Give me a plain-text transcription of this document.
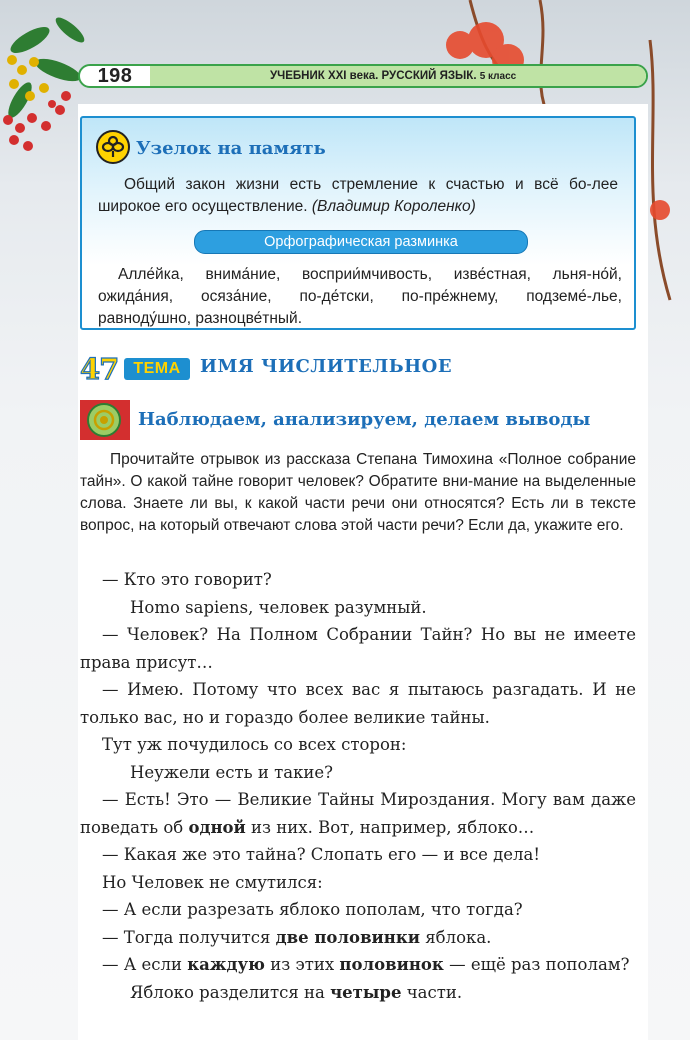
198	УЧЕБНИК XXI века. РУССКИЙ ЯЗЫК. 5 класс
Узелок на память
Общий закон жизни есть стремление к счастью и всё бо-лее широкое его осуществление. (Владимир Короленко)
Орфографическая разминка
Алле́йка, внима́ние, восприи́мчивость, изве́стная, льня-но́й, ожида́ния, осяза́ние, по-де́тски, по-пре́жнему, подземе́-лье, равноду́шно, разноцве́тный.
47 ТЕМА	ИМЯ ЧИСЛИТЕЛЬНОЕ
Наблюдаем, анализируем, делаем выводы
Прочитайте отрывок из рассказа Степана Тимохина «Полное собрание тайн». О какой тайне говорит человек? Обратите вни-мание на выделенные слова. Знаете ли вы, к какой части речи они относятся? Есть ли в тексте вопрос, на который отвечают слова этой части речи? Если да, укажите его.

— Кто это говорит?

Homo sapiens, человек разумный.

— Человек? На Полном Собрании Тайн? Но вы не имеете права присут…

— Имею. Потому что всех вас я пытаюсь разгадать. И не только вас, но и гораздо более великие тайны.

Тут уж почудилось со всех сторон:

Неужели есть и такие?

— Есть! Это — Великие Тайны Мироздания. Могу вам даже поведать об одной из них. Вот, например, яблоко…

— Какая же это тайна? Слопать его — и все дела!

Но Человек не смутился:

— А если разрезать яблоко пополам, что тогда?

— Тогда получится две половинки яблока.

— А если каждую из этих половинок — ещё раз пополам?

Яблоко разделится на четыре части.
